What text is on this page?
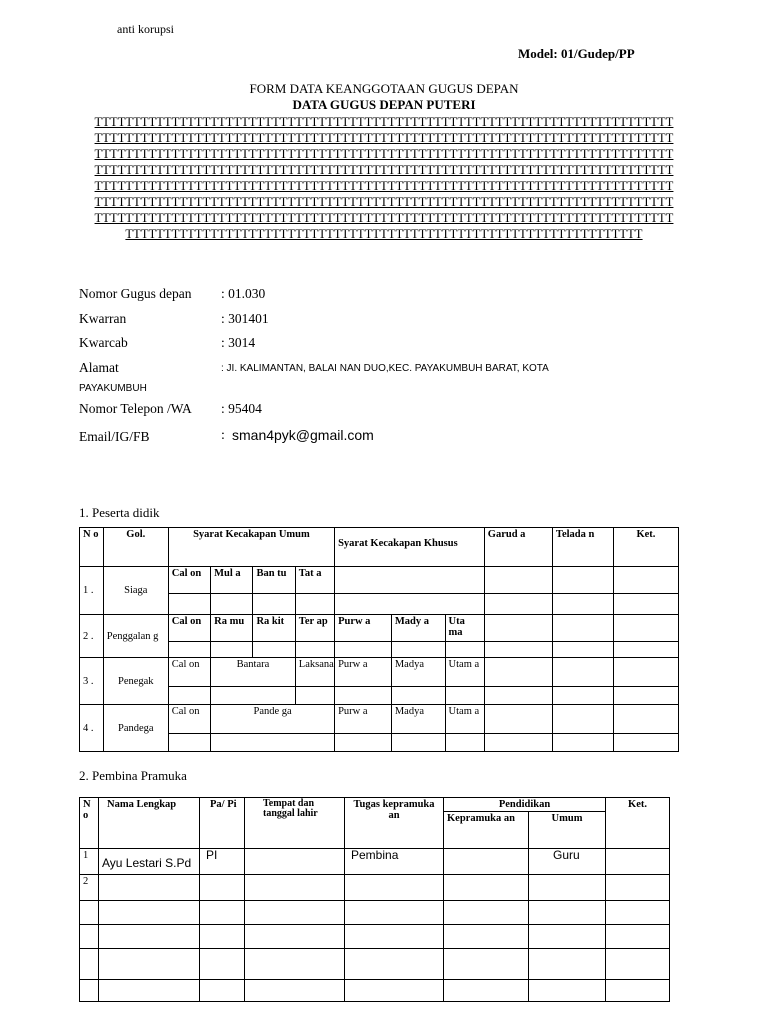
anti korupsi
Model: 01/Gudep/PP
FORM DATA KEANGGOTAAN GUGUS DEPAN
DATA GUGUS DEPAN PUTERI
TTTTTTTTTTTTTTTTTTTTTTTTTTTTTTTTTTTTTTTTTTTTTTTTTTTTTTTTTTTTTTTTTTTTTTTTTTT
TTTTTTTTTTTTTTTTTTTTTTTTTTTTTTTTTTTTTTTTTTTTTTTTTTTTTTTTTTTTTTTTTTTTTTTTTTT
TTTTTTTTTTTTTTTTTTTTTTTTTTTTTTTTTTTTTTTTTTTTTTTTTTTTTTTTTTTTTTTTTTTTTTTTTTT
TTTTTTTTTTTTTTTTTTTTTTTTTTTTTTTTTTTTTTTTTTTTTTTTTTTTTTTTTTTTTTTTTTTTTTTTTTT
TTTTTTTTTTTTTTTTTTTTTTTTTTTTTTTTTTTTTTTTTTTTTTTTTTTTTTTTTTTTTTTTTTTTTTTTTTT
TTTTTTTTTTTTTTTTTTTTTTTTTTTTTTTTTTTTTTTTTTTTTTTTTTTTTTTTTTTTTTTTTTTTTTTTTTT
TTTTTTTTTTTTTTTTTTTTTTTTTTTTTTTTTTTTTTTTTTTTTTTTTTTTTTTTTTTTTTTTTTTTTTTTTTT
TTTTTTTTTTTTTTTTTTTTTTTTTTTTTTTTTTTTTTTTTTTTTTTTTTTTTTTTTTTTTTTTTTT
Nomor Gugus depan : 01.030
Kwarran	: 301401
Kwarcab	: 3014
Alamat	: JI. KALIMANTAN, BALAI NAN DUO,KEC. PAYAKUMBUH BARAT, KOTA
PAYAKUMBUH
Nomor Telepon /WA : 95404
Email/IG/FB	: sman4pyk@gmail.com
1. Peserta didik
N o	Gol.	Syarat Kecakapan Umum				Syarat Kecakapan Khusus			Garud a	Telada n	Ket.
1 .	Siaga	Cal on	Mul a	Ban tu	Tat a						

2 .	Penggalan g	Cal on	Ra mu	Ra kit	Ter ap	Purw a	Mady a	Uta ma			

3 .	Penegak	Cal on	Bantara		Laksana	Purw a	Madya	Utam a			

4 .	Pandega	Cal on	Pande ga			Purw a	Madya	Utam a			

2. Pembina Pramuka
N o	Nama Lengkap	Pa/ Pi	Tempat dan tanggal lahir	Tugas kepramuka an	Pendidikan		Ket.
					Kepramuka an	Umum	
1	Ayu Lestari S.Pd	PI		Pembina		Guru	
2							
